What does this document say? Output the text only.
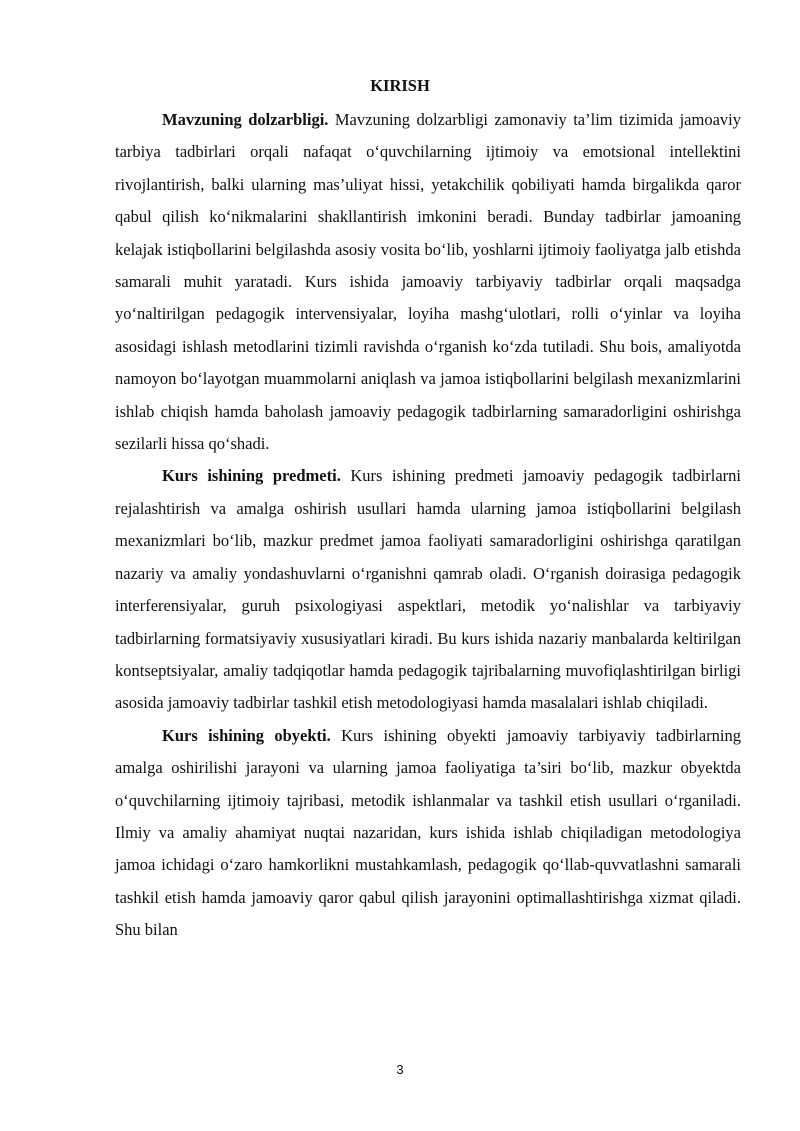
KIRISH

Mavzuning dolzarbligi. Mavzuning dolzarbligi zamonaviy ta’lim tizimida jamoaviy tarbiya tadbirlari orqali nafaqat o‘quvchilarning ijtimoiy va emotsional intellektini rivojlantirish, balki ularning mas’uliyat hissi, yetakchilik qobiliyati hamda birgalikda qaror qabul qilish ko‘nikmalarini shakllantirish imkonini beradi. Bunday tadbirlar jamoaning kelajak istiqbollarini belgilashda asosiy vosita bo‘lib, yoshlarni ijtimoiy faoliyatga jalb etishda samarali muhit yaratadi. Kurs ishida jamoaviy tarbiyaviy tadbirlar orqali maqsadga yo‘naltirilgan pedagogik intervensiyalar, loyiha mashg‘ulotlari, rolli o‘yinlar va loyiha asosidagi ishlash metodlarini tizimli ravishda o‘rganish ko‘zda tutiladi. Shu bois, amaliyotda namoyon bo‘layotgan muammolarni aniqlash va jamoa istiqbollarini belgilash mexanizmlarini ishlab chiqish hamda baholash jamoaviy pedagogik tadbirlarning samaradorligini oshirishga sezilarli hissa qo‘shadi.

Kurs ishining predmeti. Kurs ishining predmeti jamoaviy pedagogik tadbirlarni rejalashtirish va amalga oshirish usullari hamda ularning jamoa istiqbollarini belgilash mexanizmlari bo‘lib, mazkur predmet jamoa faoliyati samaradorligini oshirishga qaratilgan nazariy va amaliy yondashuvlarni o‘rganishni qamrab oladi. O‘rganish doirasiga pedagogik interferensiyalar, guruh psixologiyasi aspektlari, metodik yo‘nalishlar va tarbiyaviy tadbirlarning formatsiyaviy xususiyatlari kiradi. Bu kurs ishida nazariy manbalarda keltirilgan kontseptsiyalar, amaliy tadqiqotlar hamda pedagogik tajribalarning muvofiqlashtirilgan birligi asosida jamoaviy tadbirlar tashkil etish metodologiyasi hamda masalalari ishlab chiqiladi.

Kurs ishining obyekti. Kurs ishining obyekti jamoaviy tarbiyaviy tadbirlarning amalga oshirilishi jarayoni va ularning jamoa faoliyatiga ta’siri bo‘lib, mazkur obyektda o‘quvchilarning ijtimoiy tajribasi, metodik ishlanmalar va tashkil etish usullari o‘rganiladi. Ilmiy va amaliy ahamiyat nuqtai nazaridan, kurs ishida ishlab chiqiladigan metodologiya jamoa ichidagi o‘zaro hamkorlikni mustahkamlash, pedagogik qo‘llab-quvvatlashni samarali tashkil etish hamda jamoaviy qaror qabul qilish jarayonini optimallashtirishga xizmat qiladi. Shu bilan

3
